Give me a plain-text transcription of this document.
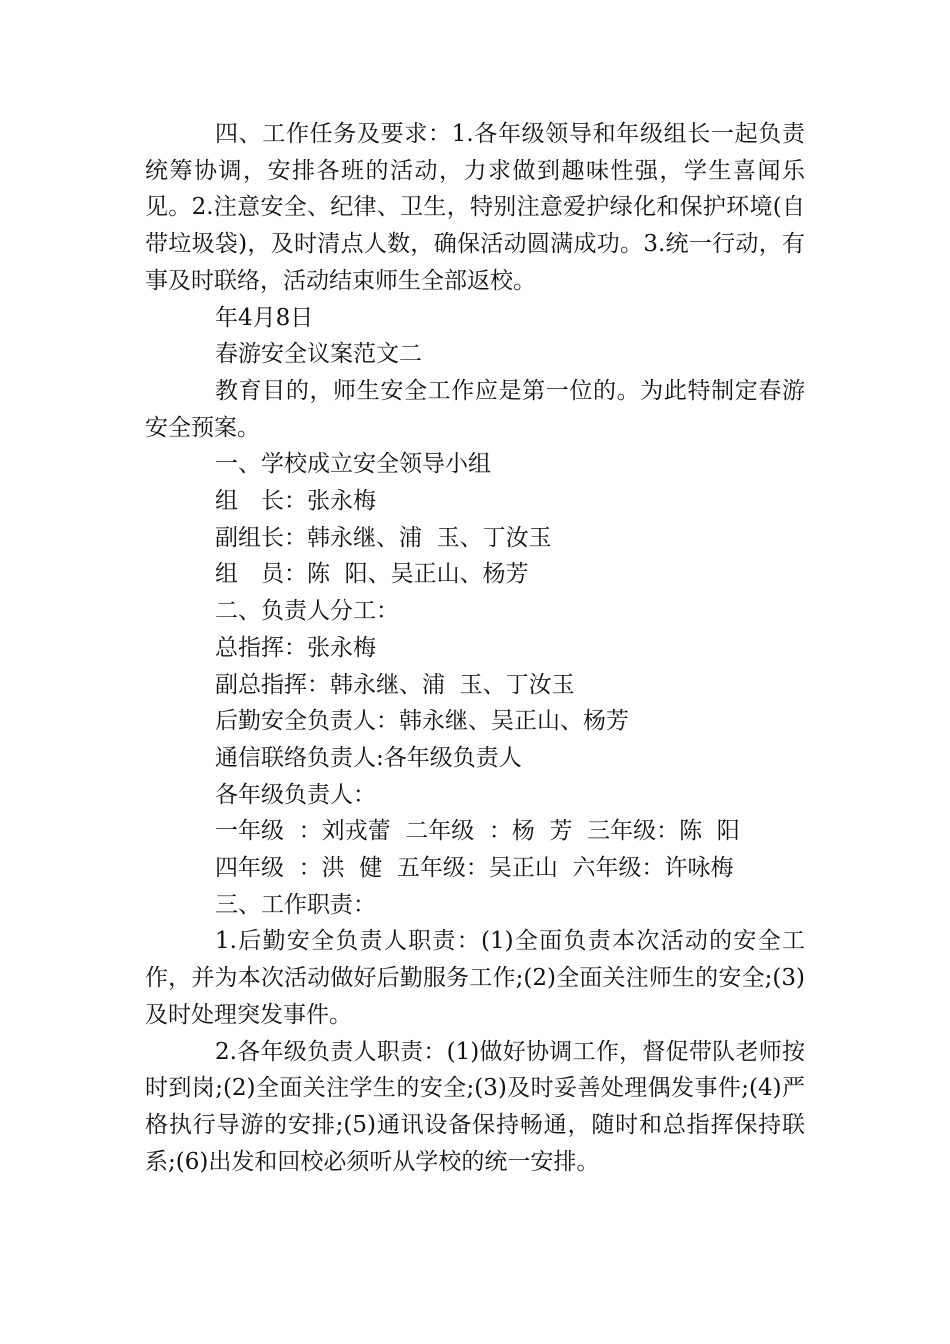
四、工作任务及要求：1.各年级领导和年级组长一起负责统筹协调，安排各班的活动，力求做到趣味性强，学生喜闻乐见。2.注意安全、纪律、卫生，特别注意爱护绿化和保护环境(自带垃圾袋)，及时清点人数，确保活动圆满成功。3.统一行动，有事及时联络，活动结束师生全部返校。

年4月8日

春游安全议案范文二

教育目的，师生安全工作应是第一位的。为此特制定春游安全预案。

一、学校成立安全领导小组

组　长：张永梅

副组长：韩永继、浦  玉、丁汝玉

组　员：陈  阳、吴正山、杨芳

二、负责人分工：

总指挥：张永梅

副总指挥：韩永继、浦  玉、丁汝玉

后勤安全负责人：韩永继、吴正山、杨芳

通信联络负责人:各年级负责人

各年级负责人：

一年级  ：刘戎蕾  二年级  ：杨  芳  三年级：陈  阳

四年级  ：洪  健  五年级：吴正山  六年级：许咏梅

三、工作职责：

1.后勤安全负责人职责：(1)全面负责本次活动的安全工作，并为本次活动做好后勤服务工作;(2)全面关注师生的安全;(3)及时处理突发事件。

2.各年级负责人职责：(1)做好协调工作，督促带队老师按时到岗;(2)全面关注学生的安全;(3)及时妥善处理偶发事件;(4)严格执行导游的安排;(5)通讯设备保持畅通，随时和总指挥保持联系;(6)出发和回校必须听从学校的统一安排。
